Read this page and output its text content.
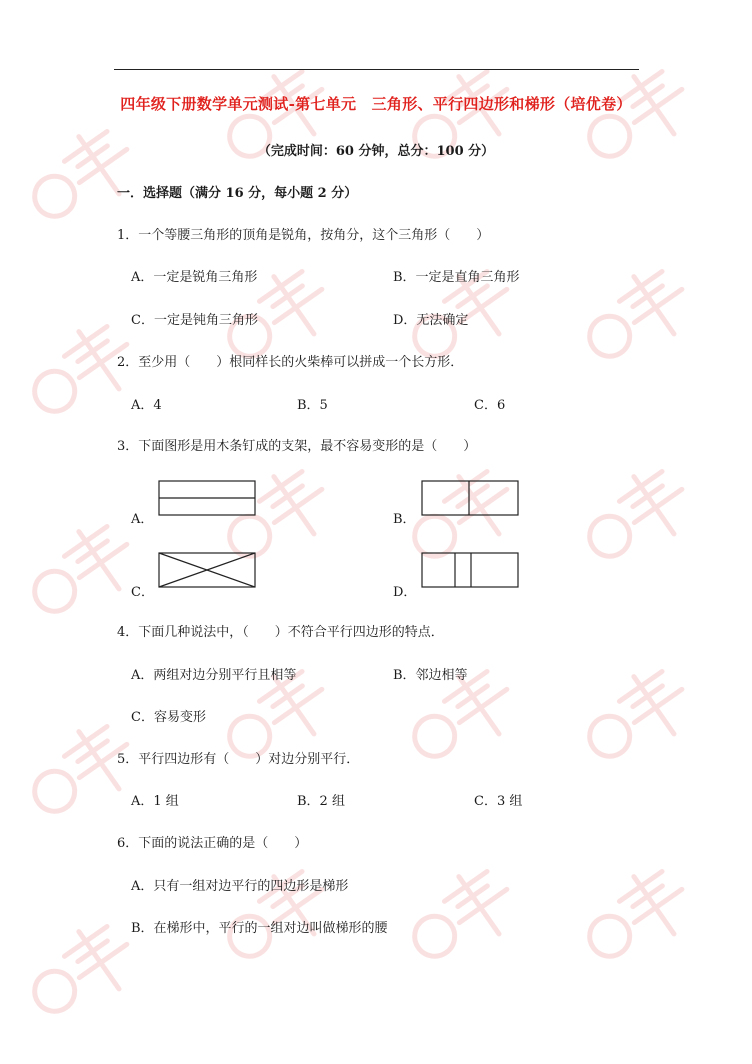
四年级下册数学单元测试-第七单元　三角形、平行四边形和梯形（培优卷）
（完成时间：60 分钟，总分：100 分）
一．选择题（满分 16 分，每小题 2 分）
1．一个等腰三角形的顶角是锐角，按角分，这个三角形（　　）
A．一定是锐角三角形	B．一定是直角三角形
C．一定是钝角三角形	D．无法确定
2．至少用（　　）根同样长的火柴棒可以拼成一个长方形．
A．4	B．5	C．6
3．下面图形是用木条钉成的支架，最不容易变形的是（　　）
A．	B．
C．	D．
4．下面几种说法中，（　　）不符合平行四边形的特点．
A．两组对边分别平行且相等	B．邻边相等
C．容易变形
5．平行四边形有（　　）对边分别平行．
A．1 组	B．2 组	C．3 组
6．下面的说法正确的是（　　）
A．只有一组对边平行的四边形是梯形
B．在梯形中，平行的一组对边叫做梯形的腰
